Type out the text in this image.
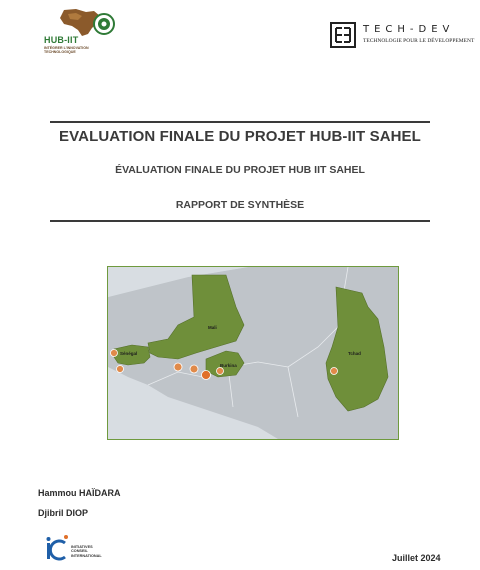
HUB-IIT
INTÉGRER L'INNOVATION TECHNOLOGIQUE
TECH-DEV
TECHNOLOGIE POUR LE DÉVELOPPEMENT
EVALUATION FINALE DU PROJET HUB-IIT SAHEL
ÉVALUATION FINALE DU PROJET HUB IIT SAHEL
RAPPORT DE SYNTHÈSE
Mali
Sénégal
Burkina
Tchad
Hammou HAÏDARA
Djibril DIOP
INITIATIVES
CONSEIL
INTERNATIONAL	Juillet 2024
